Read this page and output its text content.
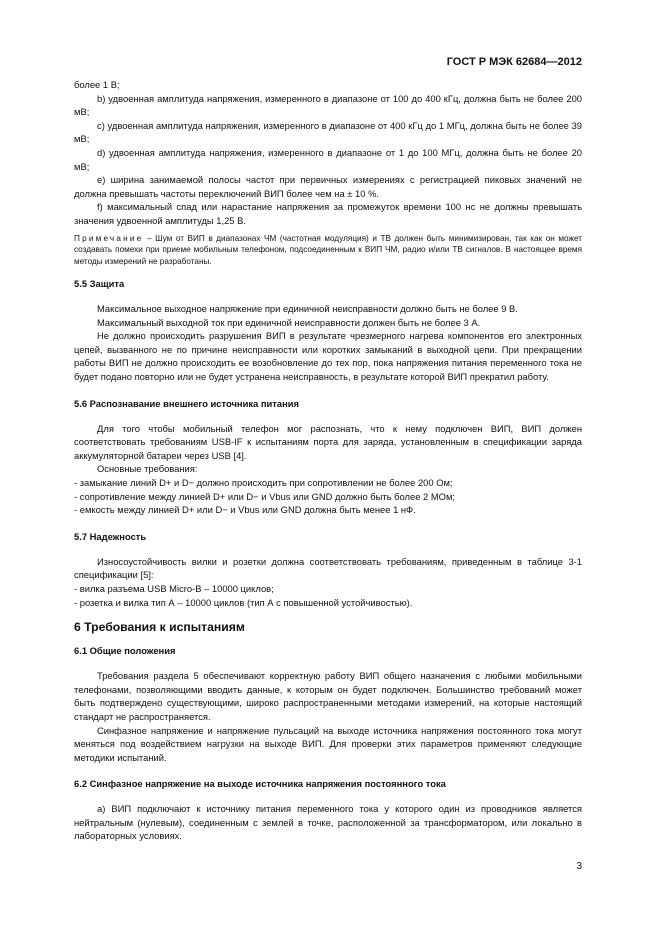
ГОСТ Р МЭК 62684—2012

более 1 В;

b) удвоенная амплитуда напряжения, измеренного в диапазоне от 100 до 400 кГц, должна быть не более 200 мВ;

c) удвоенная амплитуда напряжения, измеренного в диапазоне от 400 кГц до 1 МГц, должна быть не более 39 мВ;

d) удвоенная амплитуда напряжения, измеренного в диапазоне от 1 до 100 МГц, должна быть не более 20 мВ;

e) ширина занимаемой полосы частот при первичных измерениях с регистрацией пиковых значений не должна превышать частоты переключений ВИП более чем на ± 10 %.

f) максимальный спад или нарастание напряжения за промежуток времени 100 нс не должны превышать значения удвоенной амплитуды 1,25 В.

Примечание – Шум от ВИП в диапазонах ЧМ (частотная модуляция) и ТВ должен быть минимизирован, так как он может создавать помехи при приеме мобильным телефоном, подсоединенным к ВИП ЧМ, радио и/или ТВ сигналов. В настоящее время методы измерений не разработаны.

5.5 Защита

Максимальное выходное напряжение при единичной неисправности должно быть не более 9 В.

Максимальный выходной ток при единичной неисправности должен быть не более 3 А.

Не должно происходить разрушения ВИП в результате чрезмерного нагрева компонентов его электронных цепей, вызванного не по причине неисправности или коротких замыканий в выходной цепи. При прекращении работы ВИП не должно происходить ее возобновление до тех пор, пока напряжения питания переменного тока не будет подано повторно или не будет устранена неисправность, в результате которой ВИП прекратил работу.

5.6 Распознавание внешнего источника питания

Для того чтобы мобильный телефон мог распознать, что к нему подключен ВИП, ВИП должен соответствовать требованиям USB-IF к испытаниям порта для заряда, установленным в спецификации заряда аккумуляторной батареи через USB [4].

Основные требования:

- замыкание линий D+ и D− должно происходить при сопротивлении не более 200 Ом;

- сопротивление между линией D+ или D− и Vbus или GND должно быть более 2 МОм;

- емкость между линией D+ или D− и Vbus или GND должна быть менее 1 нФ.

5.7 Надежность

Износоустойчивость вилки и розетки должна соответствовать требованиям, приведенным в таблице 3-1 спецификации [5]:

- вилка разъема USB Micro-B – 10000 циклов;

- розетка и вилка тип А – 10000 циклов (тип А с повышенной устойчивостью).

6 Требования к испытаниям
6.1 Общие положения

Требования раздела 5 обеспечивают корректную работу ВИП общего назначения с любыми мобильными телефонами, позволяющими вводить данные, к которым он будет подключен. Большинство требований может быть подтверждено существующими, широко распространенными методами измерений, на которые настоящий стандарт не распространяется.

Синфазное напряжение и напряжение пульсаций на выходе источника напряжения постоянного тока могут меняться под воздействием нагрузки на выходе ВИП. Для проверки этих параметров применяют следующие методики испытаний.

6.2 Синфазное напряжение на выходе источника напряжения постоянного тока

а) ВИП подключают к источнику питания переменного тока у которого один из проводников является нейтральным (нулевым), соединенным с землей в точке, расположенной за трансформатором, или локально в лабораторных условиях.

3
